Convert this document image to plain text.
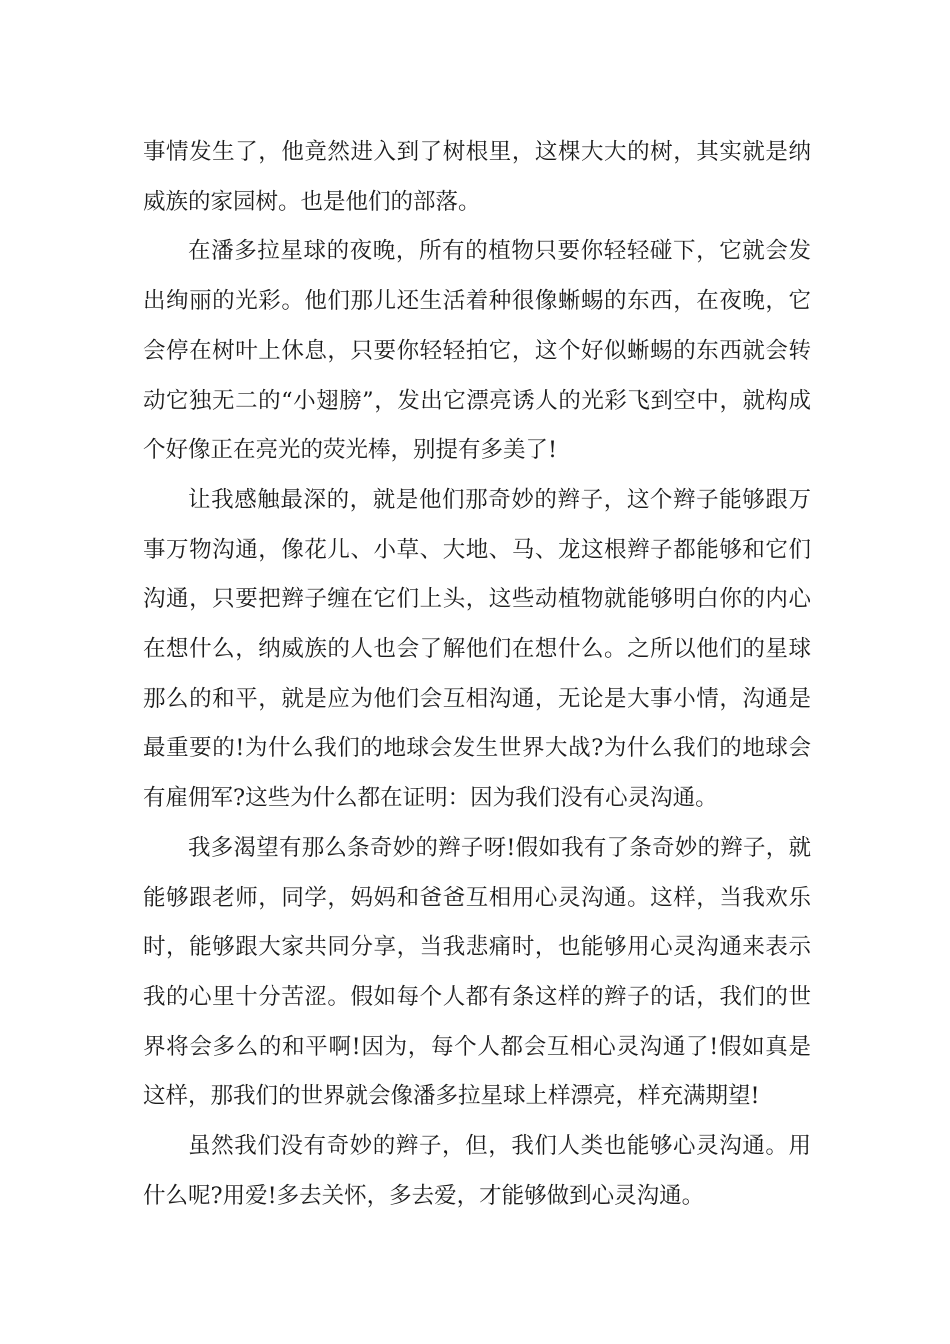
事情发生了，他竟然进入到了树根里，这棵大大的树，其实就是纳威族的家园树。也是他们的部落。

在潘多拉星球的夜晚，所有的植物只要你轻轻碰下，它就会发出绚丽的光彩。他们那儿还生活着种很像蜥蜴的东西，在夜晚，它会停在树叶上休息，只要你轻轻拍它，这个好似蜥蜴的东西就会转动它独无二的“小翅膀”，发出它漂亮诱人的光彩飞到空中，就构成个好像正在亮光的荧光棒，别提有多美了!

让我感触最深的，就是他们那奇妙的辫子，这个辫子能够跟万事万物沟通，像花儿、小草、大地、马、龙这根辫子都能够和它们沟通，只要把辫子缠在它们上头，这些动植物就能够明白你的内心在想什么，纳威族的人也会了解他们在想什么。之所以他们的星球那么的和平，就是应为他们会互相沟通，无论是大事小情，沟通是最重要的!为什么我们的地球会发生世界大战?为什么我们的地球会有雇佣军?这些为什么都在证明：因为我们没有心灵沟通。

我多渴望有那么条奇妙的辫子呀!假如我有了条奇妙的辫子，就能够跟老师，同学，妈妈和爸爸互相用心灵沟通。这样，当我欢乐时，能够跟大家共同分享，当我悲痛时，也能够用心灵沟通来表示我的心里十分苦涩。假如每个人都有条这样的辫子的话，我们的世界将会多么的和平啊!因为，每个人都会互相心灵沟通了!假如真是这样，那我们的世界就会像潘多拉星球上样漂亮，样充满期望!

虽然我们没有奇妙的辫子，但，我们人类也能够心灵沟通。用什么呢?用爱!多去关怀，多去爱，才能够做到心灵沟通。
